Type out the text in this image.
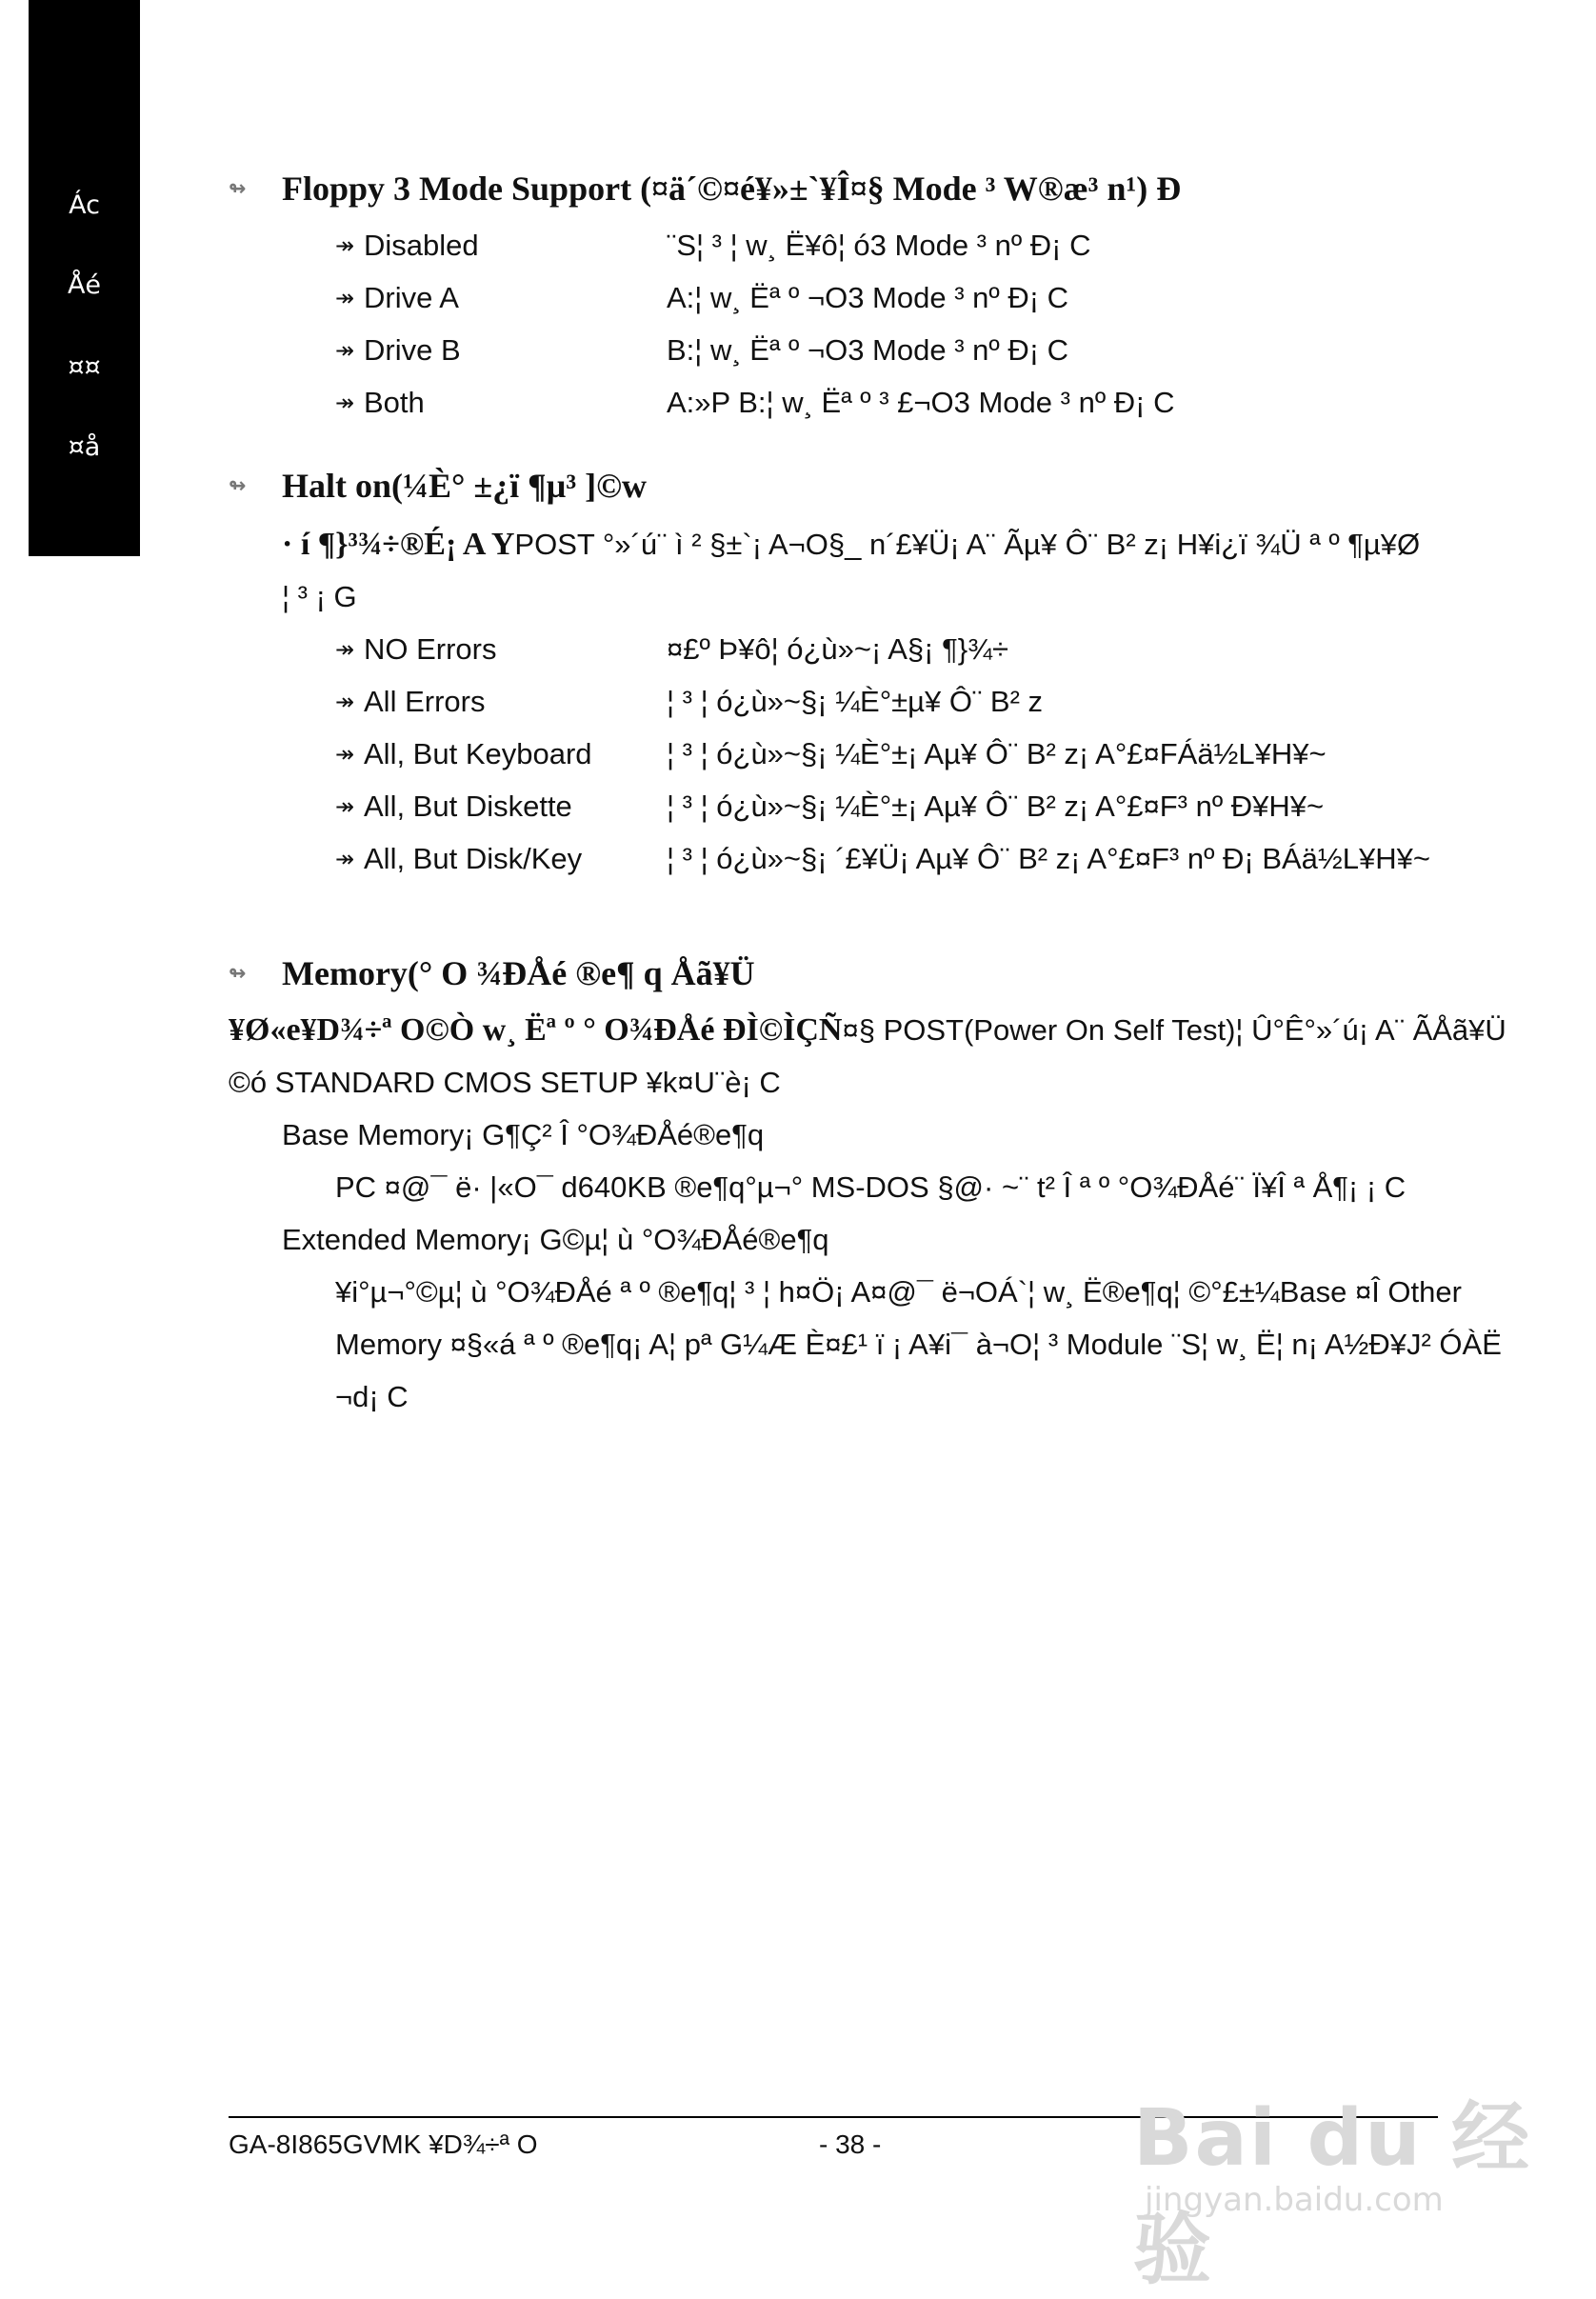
Ác
Åé
¤¤
¤å
↬	Floppy 3 Mode Support (¤ä´©¤é¥»±`¥Î¤§ Mode ³ W®æ³ n¹) Ð
↠ Disabled	¨S¦ ³ ¦ w¸ Ë¥ô¦ ó3 Mode ³ nº Ð¡ C
↠ Drive A	A:¦ w¸ Ëª º ¬O3 Mode ³ nº Ð¡ C
↠ Drive B	B:¦ w¸ Ëª º ¬O3 Mode ³ nº Ð¡ C
↠ Both	A:»P B:¦ w¸ Ëª º ³ £¬O3 Mode ³ nº Ð¡ C
↬	Halt on(¼È° ±¿ï ¶µ³ ]©w
· í ¶}³¾÷®É¡ A YPOST °»´ú¨ ì ² §±`¡ A¬O§_ n´£¥Ü¡ A¨ Ãµ¥ Ô¨ B² z¡ H¥i¿ï ¾Ü ª º ¶µ¥Ø
¦ ³ ¡ G
↠ NO Errors	¤£º Þ¥ô¦ ó¿ù»~¡ A§¡ ¶}¾÷
↠ All Errors	¦ ³ ¦ ó¿ù»~§¡ ¼È°±µ¥ Ô¨ B² z
↠ All, But Keyboard	¦ ³ ¦ ó¿ù»~§¡ ¼È°±¡ Aµ¥ Ô¨ B² z¡ A°£¤FÁä½L¥H¥~
↠ All, But Diskette	¦ ³ ¦ ó¿ù»~§¡ ¼È°±¡ Aµ¥ Ô¨ B² z¡ A°£¤F³ nº Ð¥H¥~
↠ All, But Disk/Key	¦ ³ ¦ ó¿ù»~§¡ ´£¥Ü¡ Aµ¥ Ô¨ B² z¡ A°£¤F³ nº Ð¡ BÁä½L¥H¥~
↬	Memory(° O ¾ÐÅé ®e¶ q Åã¥Ü
¥Ø«e¥D¾÷ª O©Ò w¸ Ëª º ° O¾ÐÅé ÐÌ©ÌÇÑ¤§ POST(Power On Self Test)¦ Û°Ê°»´ú¡ A¨ ÃÅã¥Ü
©ó STANDARD CMOS SETUP ¥k¤U¨è¡ C
Base Memory¡ G¶Ç² Î °O¾ÐÅé®e¶q
PC ¤@¯ ë· |«O¯ d640KB ®e¶q°µ¬° MS-DOS §@· ~¨ t² Î ª º °O¾ÐÅé¨ Ï¥Î ª Å¶¡ ¡ C
Extended Memory¡ G©µ¦ ù °O¾ÐÅé®e¶q
¥i°µ¬°©µ¦ ù °O¾ÐÅé ª º ®e¶q¦ ³ ¦ h¤Ö¡ A¤@¯ ë¬OÁ`¦ w¸ Ë®e¶q¦ ©°£±¼Base ¤Î Other
Memory ¤§«á ª º ®e¶q¡ A¦ pª G¼Æ È¤£¹ ï ¡ A¥i¯ à¬O¦ ³ Module ¨S¦ w¸ Ë¦ n¡ A½Ð¥J² ÓÀË
¬d¡ C
GA-8I865GVMK ¥D¾÷ª O	- 38 -	Bai du 经验
jingyan.baidu.com
